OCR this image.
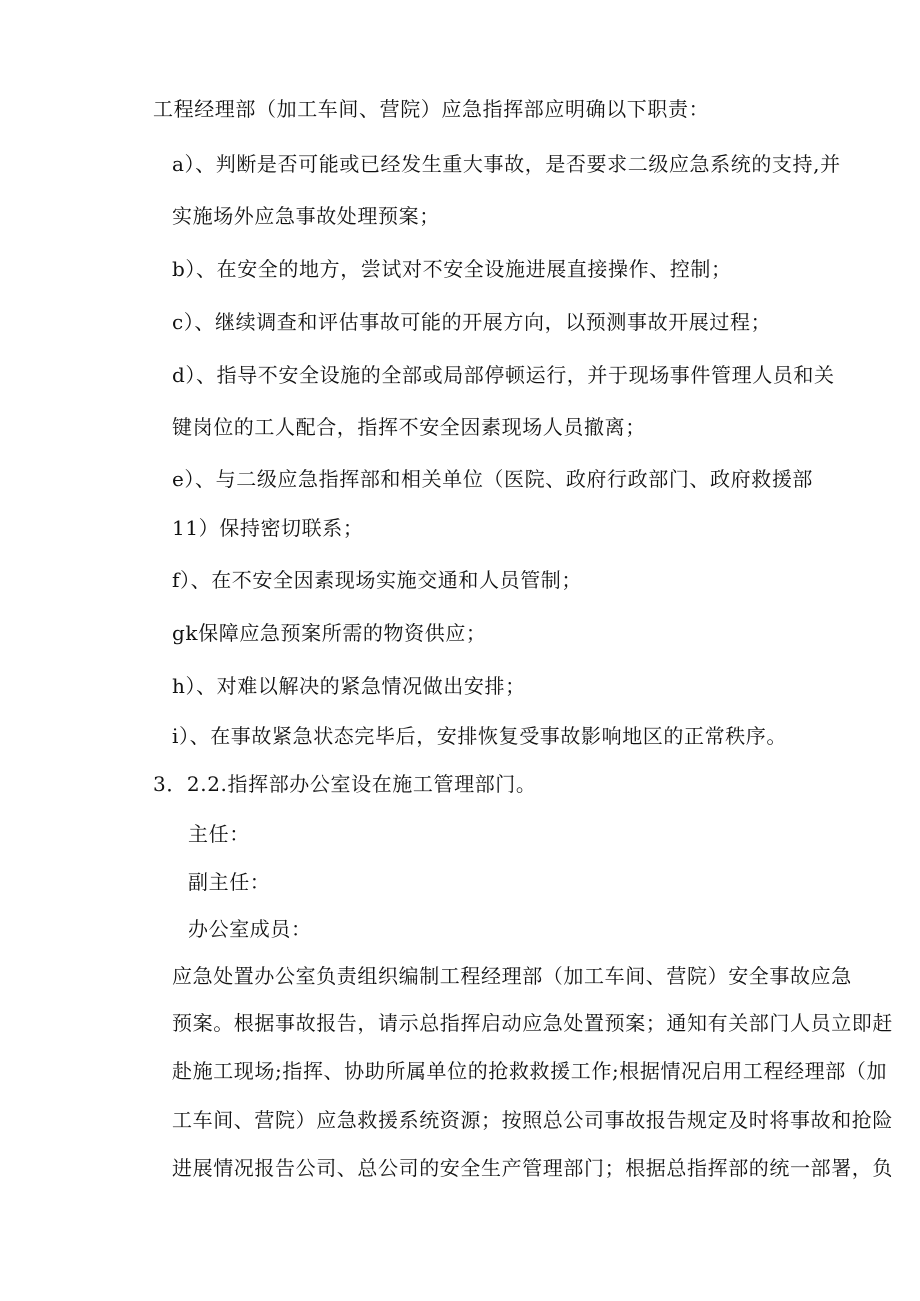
工程经理部（加工车间、营院）应急指挥部应明确以下职责：
a）、判断是否可能或已经发生重大事故，是否要求二级应急系统的支持,并
实施场外应急事故处理预案；
b）、在安全的地方，尝试对不安全设施进展直接操作、控制；
c）、继续调查和评估事故可能的开展方向，以预测事故开展过程；
d）、指导不安全设施的全部或局部停顿运行，并于现场事件管理人员和关
键岗位的工人配合，指挥不安全因素现场人员撤离；
e）、与二级应急指挥部和相关单位（医院、政府行政部门、政府救援部
11）保持密切联系；
f）、在不安全因素现场实施交通和人员管制；
gk保障应急预案所需的物资供应；
h）、对难以解决的紧急情况做出安排；
i）、在事故紧急状态完毕后，安排恢复受事故影响地区的正常秩序。
3．2.2.指挥部办公室设在施工管理部门。
主任：
副主任：
办公室成员：
应急处置办公室负责组织编制工程经理部（加工车间、营院）安全事故应急
预案。根据事故报告，请示总指挥启动应急处置预案；通知有关部门人员立即赶
赴施工现场;指挥、协助所属单位的抢救救援工作;根据情况启用工程经理部（加
工车间、营院）应急救援系统资源；按照总公司事故报告规定及时将事故和抢险
进展情况报告公司、总公司的安全生产管理部门；根据总指挥部的统一部署，负
